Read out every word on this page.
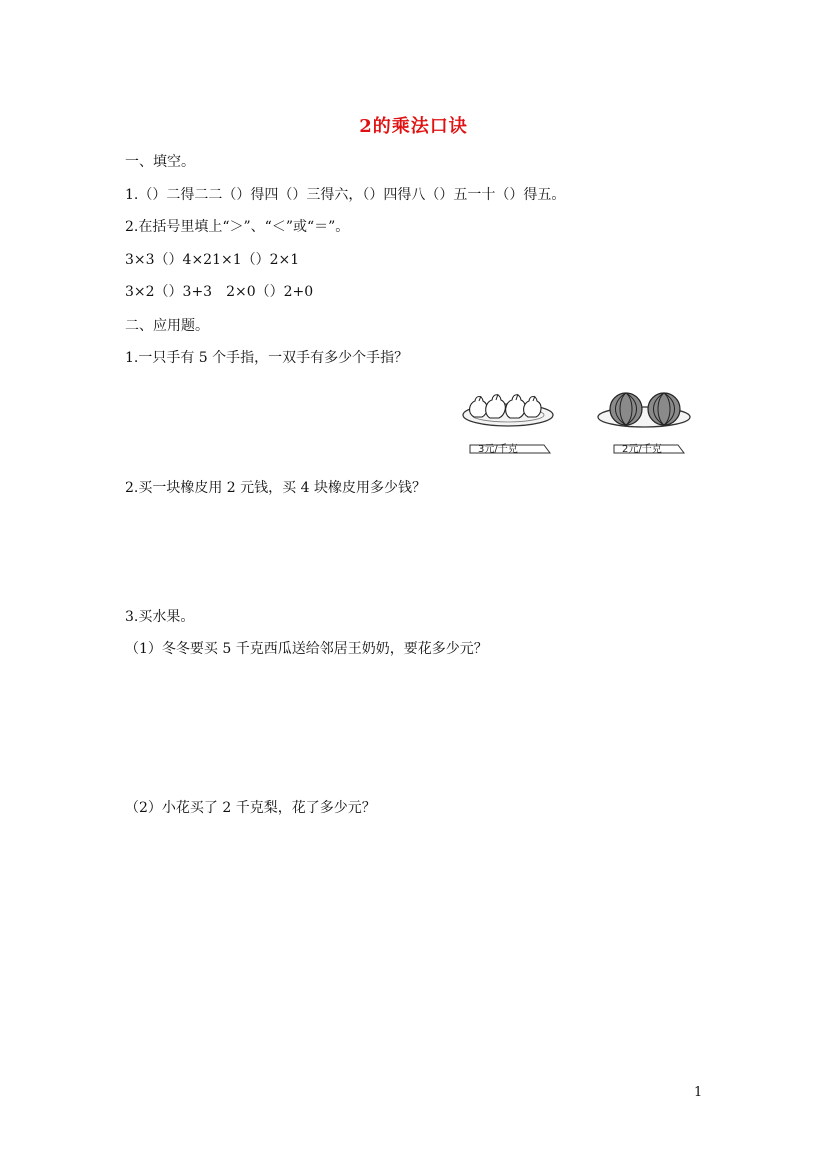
2的乘法口诀
一、填空。
1.（）二得二二（）得四（）三得六，（）四得八（）五一十（）得五。
2.在括号里填上“＞”、“＜”或“＝”。
3×3（）4×21×1（）2×1
3×2（）3+3　2×0（）2+0
二、应用题。
1.一只手有 5 个手指，一双手有多少个手指？
2.买一块橡皮用 2 元钱，买 4 块橡皮用多少钱？
3.买水果。
（1）冬冬要买 5 千克西瓜送给邻居王奶奶，要花多少元？
（2）小花买了 2 千克梨，花了多少元？
3元/千克	2元/千克
1
